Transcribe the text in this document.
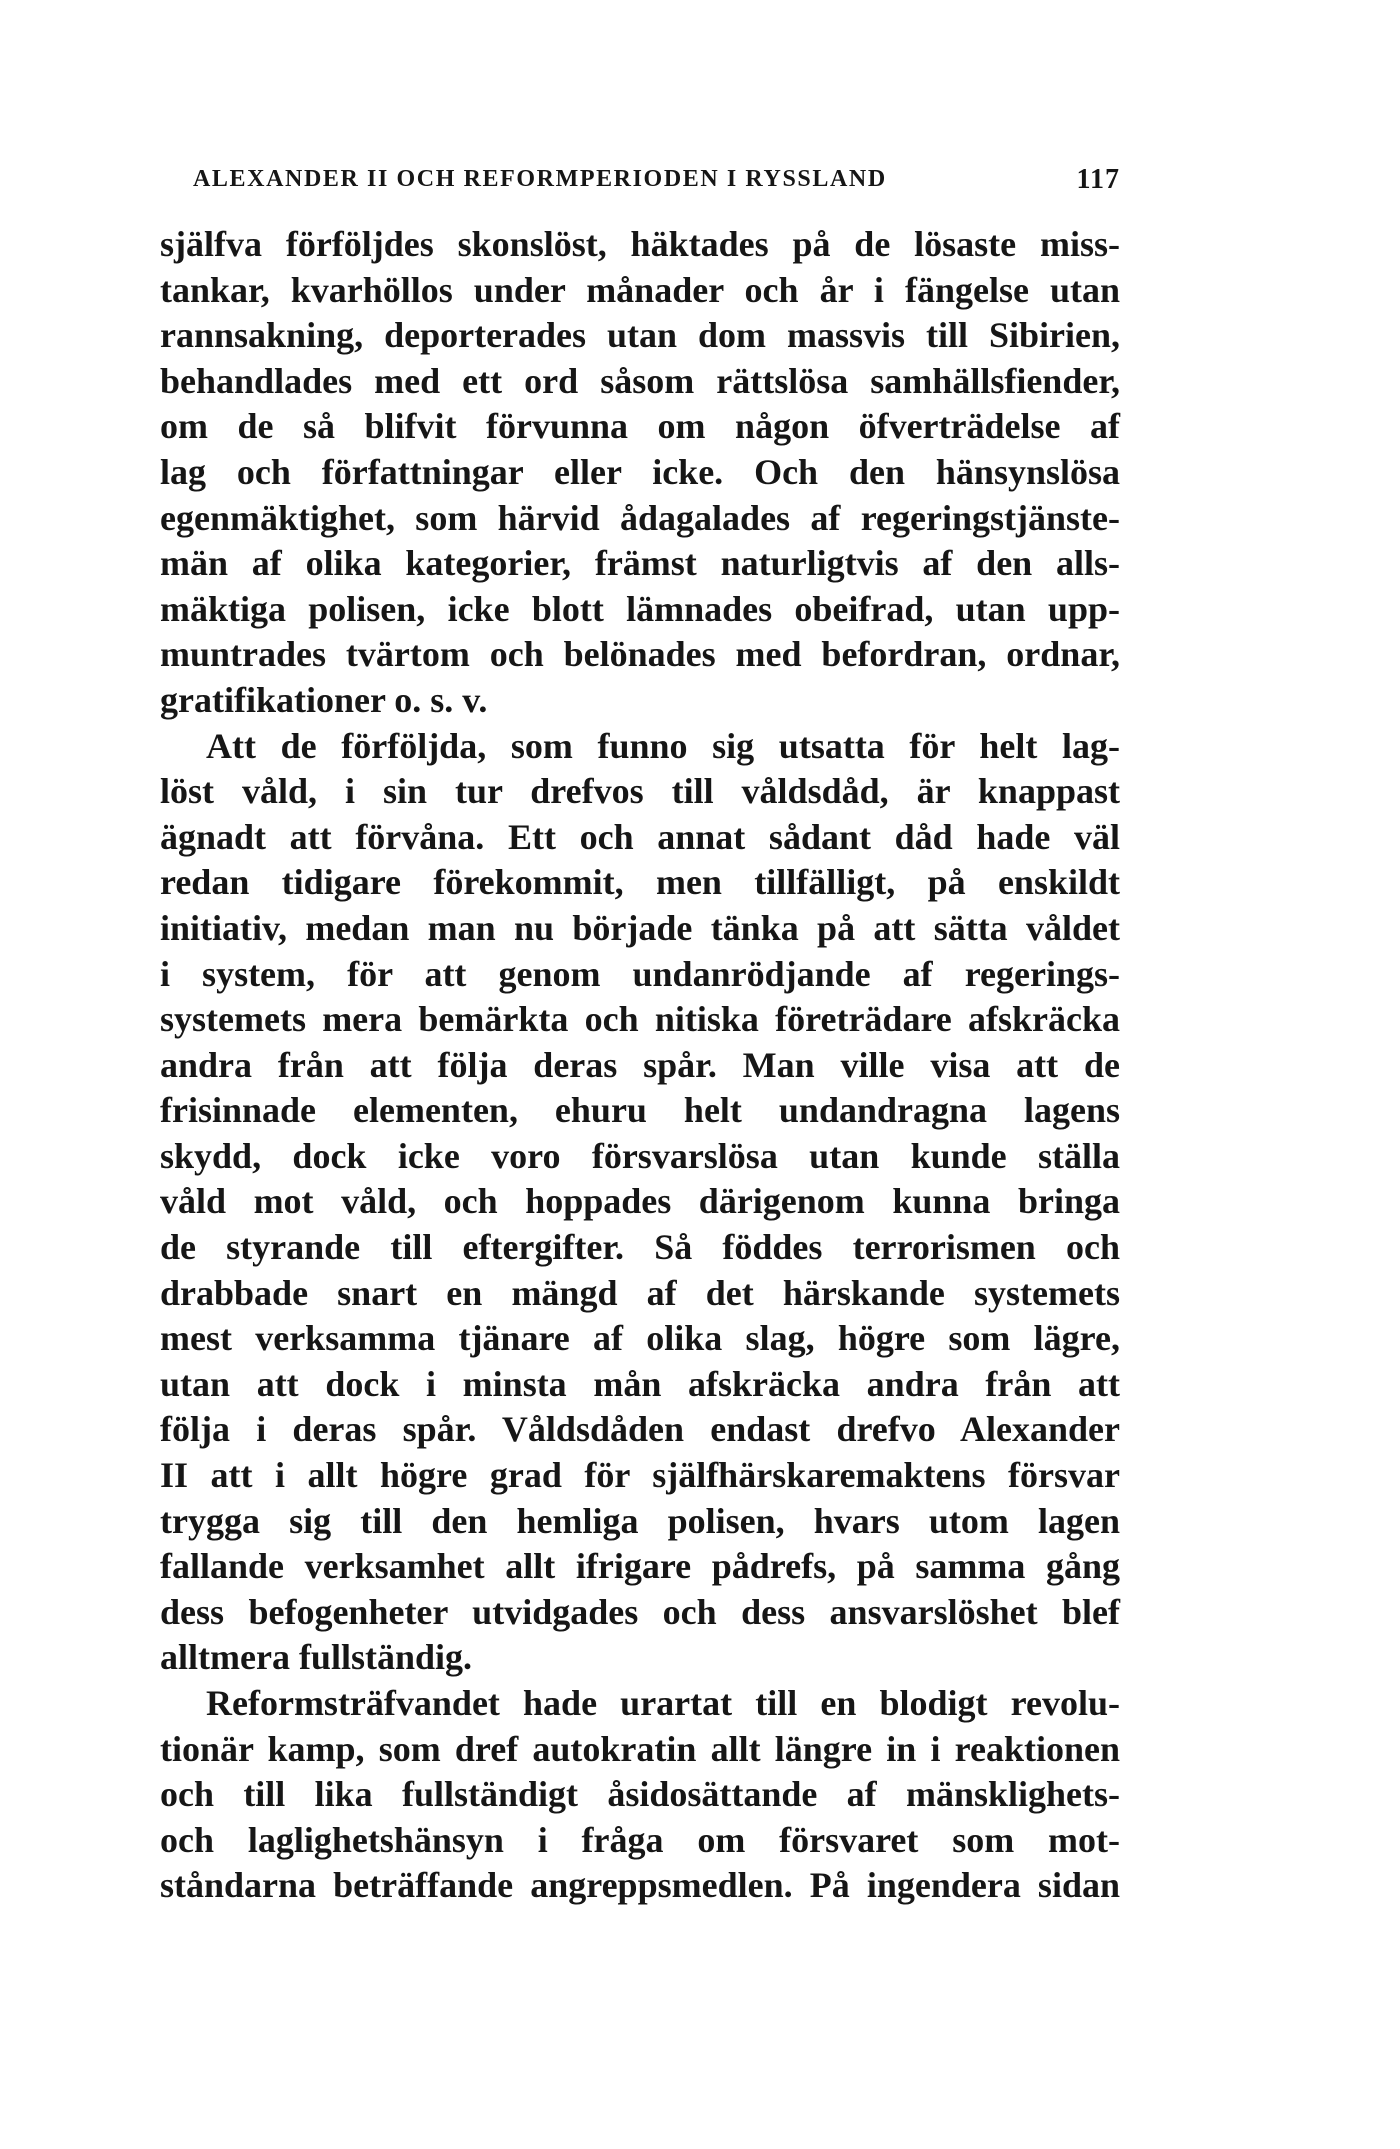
ALEXANDER II OCH REFORMPERIODEN I RYSSLAND	117
själfva förföljdes skonslöst, häktades på de lösaste miss-
tankar, kvarhöllos under månader och år i fängelse utan
rannsakning, deporterades utan dom massvis till Sibirien,
behandlades med ett ord såsom rättslösa samhällsfiender,
om de så blifvit förvunna om någon öfverträdelse af
lag och författningar eller icke. Och den hänsynslösa
egenmäktighet, som härvid ådagalades af regeringstjänste-
män af olika kategorier, främst naturligtvis af den alls-
mäktiga polisen, icke blott lämnades obeifrad, utan upp-
muntrades tvärtom och belönades med befordran, ordnar,
gratifikationer o. s. v.
Att de förföljda, som funno sig utsatta för helt lag-
löst våld, i sin tur drefvos till våldsdåd, är knappast
ägnadt att förvåna. Ett och annat sådant dåd hade väl
redan tidigare förekommit, men tillfälligt, på enskildt
initiativ, medan man nu började tänka på att sätta våldet
i system, för att genom undanrödjande af regerings-
systemets mera bemärkta och nitiska företrädare afskräcka
andra från att följa deras spår. Man ville visa att de
frisinnade elementen, ehuru helt undandragna lagens
skydd, dock icke voro försvarslösa utan kunde ställa
våld mot våld, och hoppades därigenom kunna bringa
de styrande till eftergifter. Så föddes terrorismen och
drabbade snart en mängd af det härskande systemets
mest verksamma tjänare af olika slag, högre som lägre,
utan att dock i minsta mån afskräcka andra från att
följa i deras spår. Våldsdåden endast drefvo Alexander
II att i allt högre grad för själfhärskaremaktens försvar
trygga sig till den hemliga polisen, hvars utom lagen
fallande verksamhet allt ifrigare pådrefs, på samma gång
dess befogenheter utvidgades och dess ansvarslöshet blef
alltmera fullständig.
Reformsträfvandet hade urartat till en blodigt revolu-
tionär kamp, som dref autokratin allt längre in i reaktionen
och till lika fullständigt åsidosättande af mänsklighets-
och laglighetshänsyn i fråga om försvaret som mot-
ståndarna beträffande angreppsmedlen. På ingendera sidan
